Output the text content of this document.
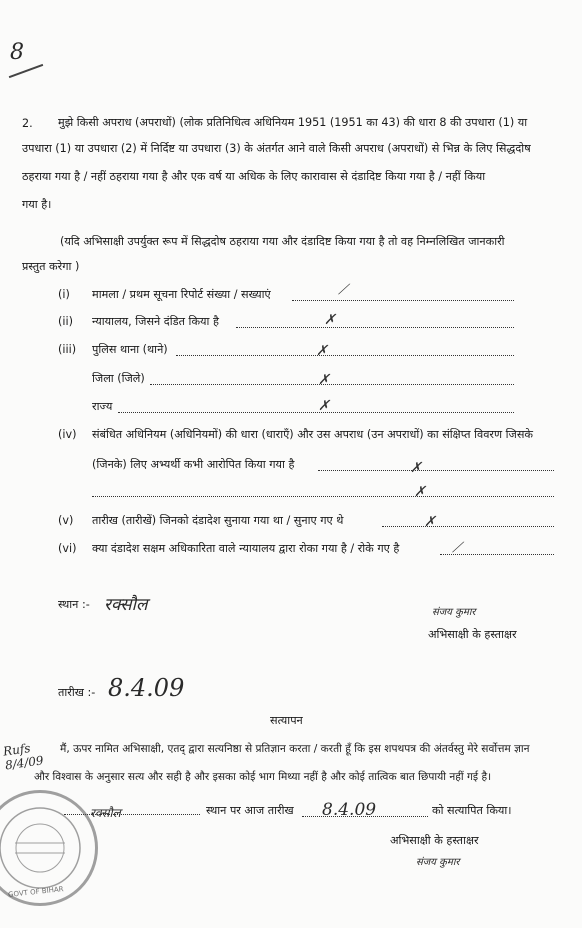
8
2. मुझे किसी अपराध (अपराधों) (लोक प्रतिनिधित्व अधिनियम 1951 (1951 का 43) की धारा 8 की उपधारा (1) या
उपधारा (1) या उपधारा (2) में निर्दिष्ट या उपधारा (3) के अंतर्गत आने वाले किसी अपराध (अपराधों) से भिन्न के लिए सिद्धदोष
ठहराया गया है / नहीं ठहराया गया है और एक वर्ष या अधिक के लिए कारावास से दंडादिष्ट किया गया है / नहीं किया
गया है।
(यदि अभिसाक्षी उपर्युक्त रूप में सिद्धदोष ठहराया गया और दंडादिष्ट किया गया है तो वह निम्नलिखित जानकारी
प्रस्तुत करेगा )
(i) मामला / प्रथम सूचना रिपोर्ट संख्या / सख्याएं	⟋
(ii) न्यायालय, जिसने दंडित किया है	✗
(iii) पुलिस थाना (थाने)	✗
जिला (जिले)	✗
राज्य	✗
(iv) संबंधित अधिनियम (अधिनियमों) की धारा (धाराएँ) और उस अपराध (उन अपराधों) का संक्षिप्त विवरण जिसके
(जिनके) लिए अभ्यर्थी कभी आरोपित किया गया है	✗
✗
(v) तारीख (तारीखें) जिनको दंडादेश सुनाया गया था / सुनाए गए थे	✗
(vi) क्या दंडादेश सक्षम अधिकारिता वाले न्यायालय द्वारा रोका गया है / रोके गए है	⟋
स्थान :- रक्सौल	संजय कुमार
अभिसाक्षी के हस्ताक्षर
तारीख :- 8.4.09
सत्यापन
मैं, ऊपर नामित अभिसाक्षी, एतद् द्वारा सत्यनिष्ठा से प्रतिज्ञान करता / करती हूँ कि इस शपथपत्र की अंतर्वस्तु मेरे सर्वोत्तम ज्ञान
और विश्वास के अनुसार सत्य और सही है और इसका कोई भाग मिथ्या नहीं है और कोई तात्विक बात छिपायी नहीं गई है।
रक्सौल	स्थान पर आज तारीख 8.4.09	को सत्यापित किया।
अभिसाक्षी के हस्ताक्षर
संजय कुमार
Rufs 8/4/09
GOVT OF BIHAR
